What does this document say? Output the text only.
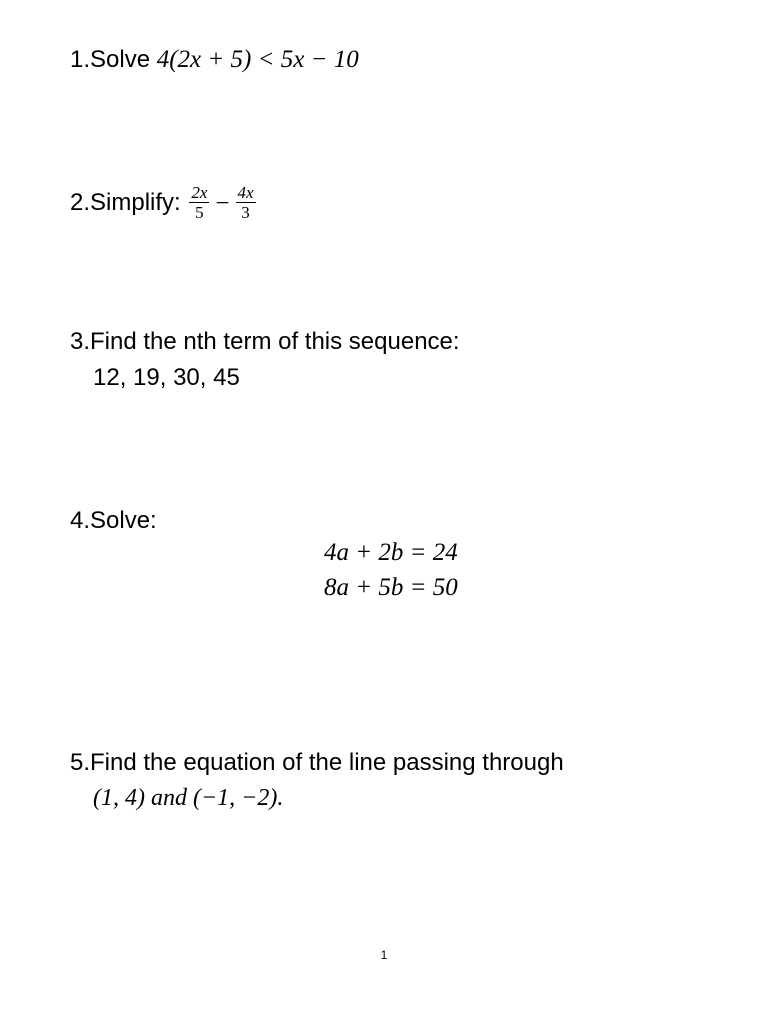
1.Solve 4(2x + 5) < 5x − 10
2.Simplify: $\frac{2x}{5} - \frac{4x}{3}$
3.Find the nth term of this sequence:
12, 19, 30, 45
4.Solve:
4a + 2b = 24
8a + 5b = 50
5.Find the equation of the line passing through
(1, 4) and (−1, −2).
1
